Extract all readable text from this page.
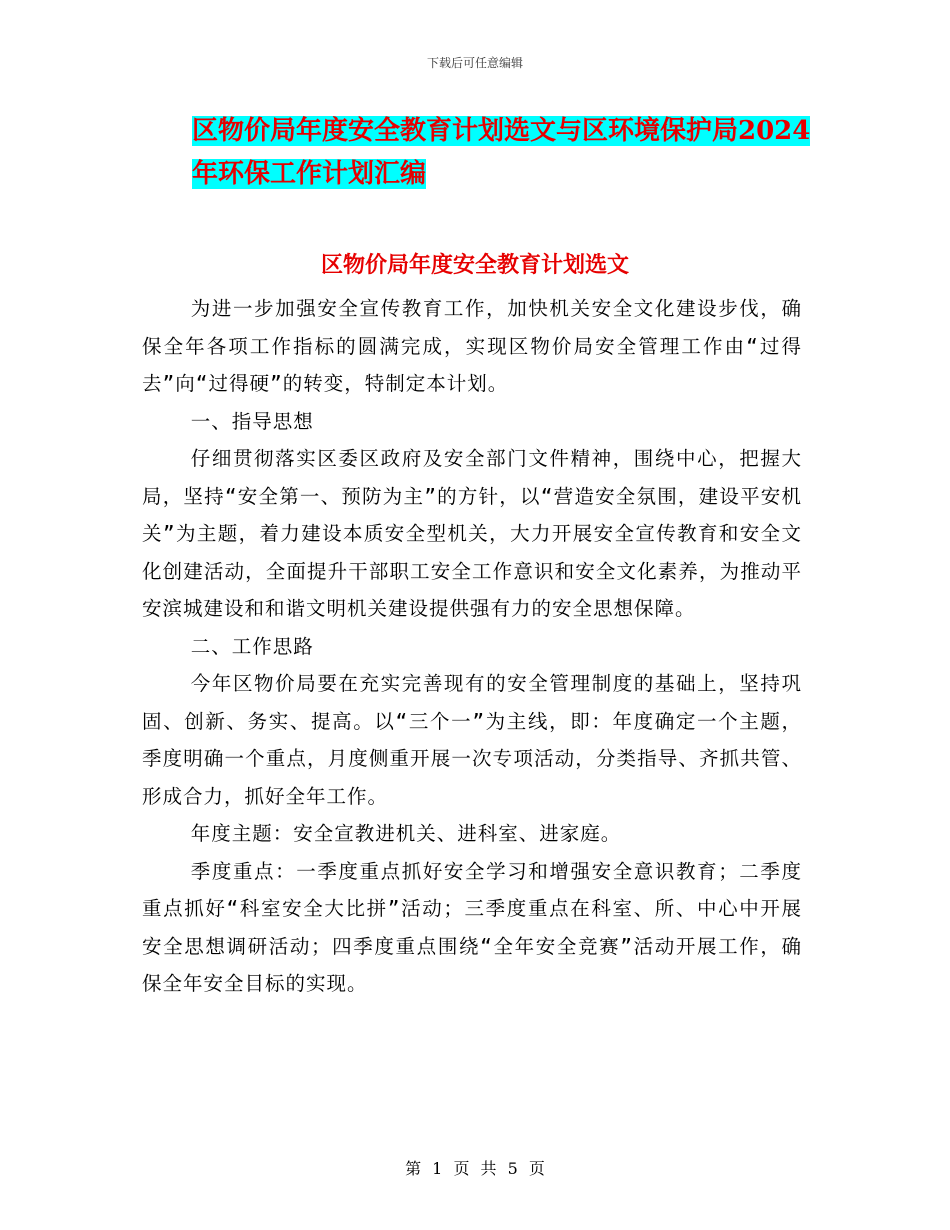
下载后可任意编辑
区物价局年度安全教育计划选文与区环境保护局2024
年环保工作计划汇编
区物价局年度安全教育计划选文

为进一步加强安全宣传教育工作，加快机关安全文化建设步伐，确保全年各项工作指标的圆满完成，实现区物价局安全管理工作由“过得去”向“过得硬”的转变，特制定本计划。

一、指导思想

仔细贯彻落实区委区政府及安全部门文件精神，围绕中心，把握大局，坚持“安全第一、预防为主”的方针，以“营造安全氛围，建设平安机关”为主题，着力建设本质安全型机关，大力开展安全宣传教育和安全文化创建活动，全面提升干部职工安全工作意识和安全文化素养，为推动平安滨城建设和和谐文明机关建设提供强有力的安全思想保障。

二、工作思路

今年区物价局要在充实完善现有的安全管理制度的基础上，坚持巩固、创新、务实、提高。以“三个一”为主线，即：年度确定一个主题，季度明确一个重点，月度侧重开展一次专项活动，分类指导、齐抓共管、形成合力，抓好全年工作。

年度主题：安全宣教进机关、进科室、进家庭。

季度重点：一季度重点抓好安全学习和增强安全意识教育；二季度重点抓好“科室安全大比拼”活动；三季度重点在科室、所、中心中开展安全思想调研活动；四季度重点围绕“全年安全竞赛”活动开展工作，确保全年安全目标的实现。

第 1 页 共 5 页
